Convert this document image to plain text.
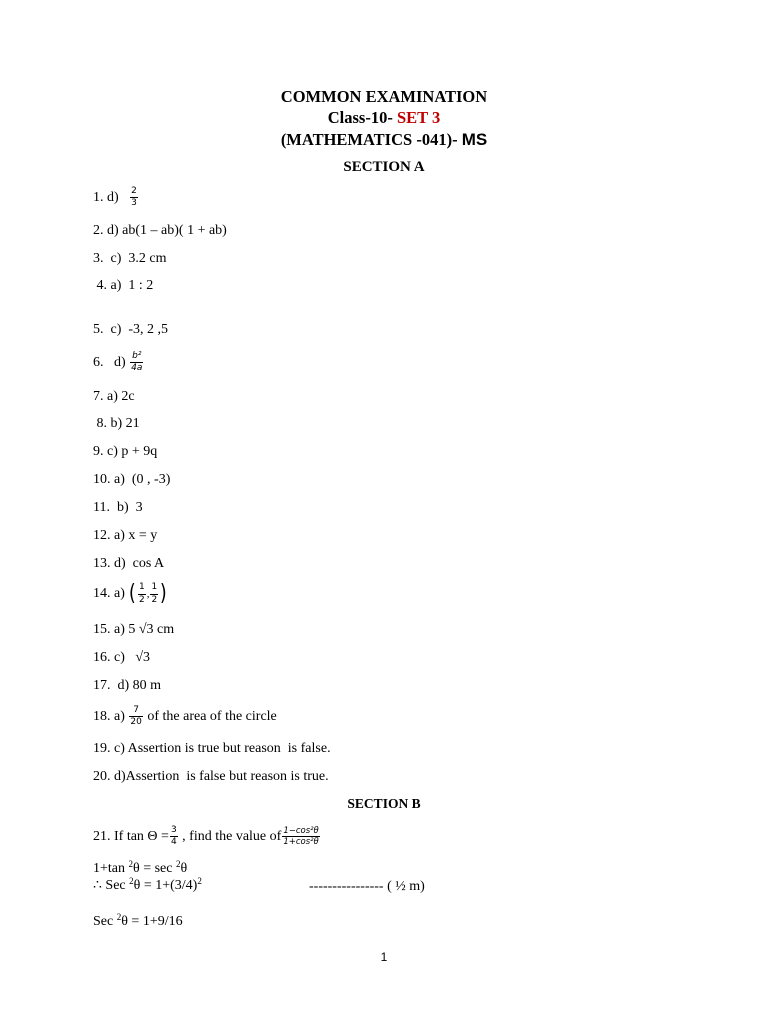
COMMON EXAMINATION
Class-10- SET 3
(MATHEMATICS -041)- MS
SECTION A
1. $d) \frac{2}{3}$
2. d) ab(1 – ab)( 1 + ab)
3.  c)  3.2 cm
4. a)  1 : 2
5.  c)  -3, 2 ,5
6.   $d) \frac{\text{b²}}{4a}$
7. a) 2c
8. b) 21
9. c) p + 9q
10. a)  (0 , -3)
11.  b)  3
12. a) x = y
13. d)  cos A
14. a) ( $\frac{1}{2}$ , $\frac{1}{2}$ )
15. a) 5 √3 cm
16. c)   √3
17.  d) 80 m
18. $a) \frac{7}{20}$ of the area of the circle
19. c) Assertion is true but reason  is false.
20. d)Assertion  is false but reason is true.
SECTION B
21. If $\tan \Theta = \frac{3}{4}$ , find the value of $\frac{\text{1−cos²θ}}{\text{1+cos²θ}}$
1+tan $^2$θ = sec $^2$θ
∴ Sec $^2\theta = 1+(3/4)^2$	---------------- ( ½ m)
Sec $^2$θ = 1+9/16
1
